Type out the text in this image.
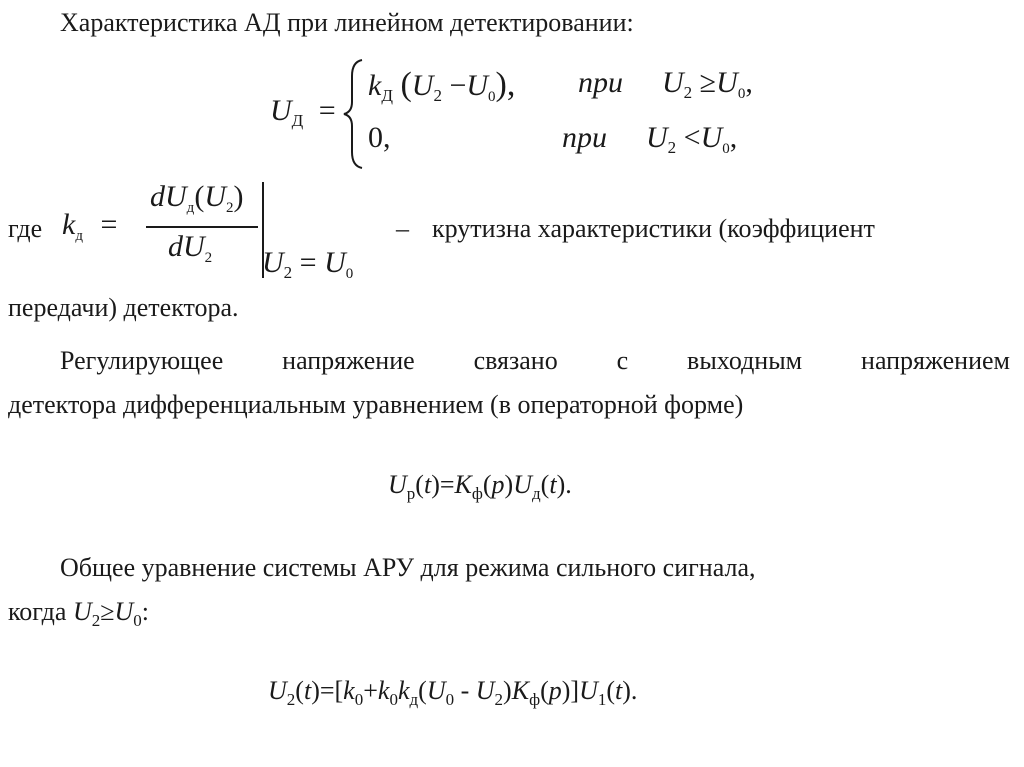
Характеристика АД при линейном детектировании:
$U_Д$ =
$k_Д$ $(U_2 -U_0)$, при $U_2 \ge U_0$,
0,	при $U_2 <U_0$,
где $k_д$ =
$dU_д(U_2)$
$dU_2$ $U_2 = U_0$
– крутизна характеристики (коэффициент
передачи) детектора.
Регулирующее напряжение связано с выходным напряжением
детектора дифференциальным уравнением (в операторной форме)
$U_р(t)=K_ф(p)U_д(t)$.
Общее уравнение системы АРУ для режима сильного сигнала,
когда $U_2\ge U_0$:
$U_2(t)=[k_0+k_0k_д(U_0 - U_2)K_ф(p)]U_1(t)$.
